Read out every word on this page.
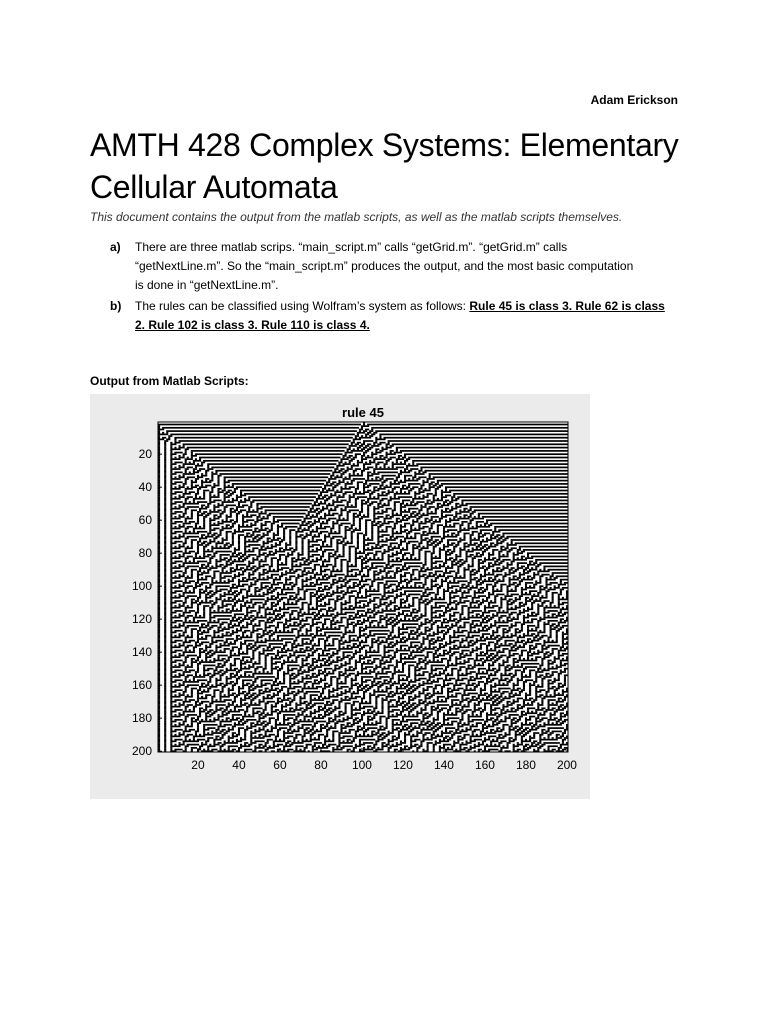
Adam Erickson
AMTH 428 Complex Systems: Elementary
Cellular Automata
This document contains the output from the matlab scripts, as well as the matlab scripts themselves.
a) There are three matlab scrips. “main_script.m” calls “getGrid.m”. “getGrid.m” calls
“getNextLine.m”. So the “main_script.m” produces the output, and the most basic computation
is done in “getNextLine.m”.
b) The rules can be classified using Wolfram’s system as follows: Rule 45 is class 3. Rule 62 is class
2. Rule 102 is class 3. Rule 110 is class 4.
Output from Matlab Scripts:
rule 45
20 40 60 80 100 120 140 160 180 200
20
40
60
80
100
120
140
160
180
200
